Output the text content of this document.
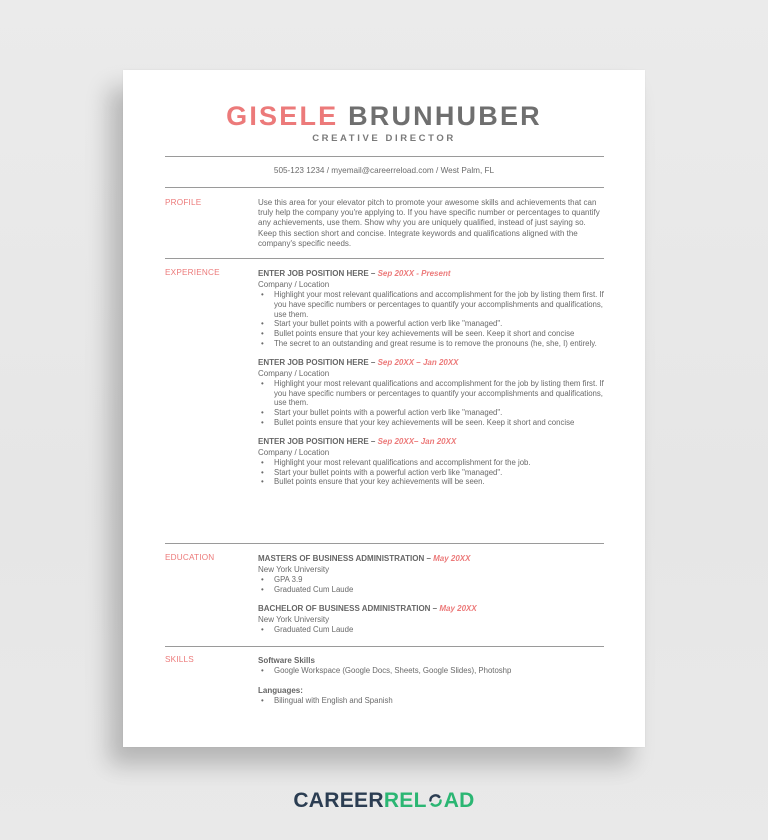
GISELE BRUNHUBER
CREATIVE DIRECTOR
505-123 1234 / myemail@careerreload.com / West Palm, FL
PROFILE	Use this area for your elevator pitch to promote your awesome skills and achievements that can truly help the company you're applying to. If you have specific number or percentages to quantify any achievements, use them. Show why you are uniquely qualified, instead of just saying so. Keep this section short and concise. Integrate keywords and qualifications aligned with the company's specific needs.
EXPERIENCE	ENTER JOB POSITION HERE – Sep 20XX - Present
Company / Location
• Highlight your most relevant qualifications and accomplishment for the job by listing them first. If you have specific numbers or percentages to quantify your accomplishments and qualifications, use them.
• Start your bullet points with a powerful action verb like "managed".
• Bullet points ensure that your key achievements will be seen. Keep it short and concise
• The secret to an outstanding and great resume is to remove the pronouns (he, she, I) entirely.
ENTER JOB POSITION HERE – Sep 20XX – Jan 20XX
Company / Location
• Highlight your most relevant qualifications and accomplishment for the job by listing them first. If you have specific numbers or percentages to quantify your accomplishments and qualifications, use them.
• Start your bullet points with a powerful action verb like "managed".
• Bullet points ensure that your key achievements will be seen. Keep it short and concise
ENTER JOB POSITION HERE – Sep 20XX– Jan 20XX
Company / Location
• Highlight your most relevant qualifications and accomplishment for the job.
• Start your bullet points with a powerful action verb like "managed".
• Bullet points ensure that your key achievements will be seen.
EDUCATION	MASTERS OF BUSINESS ADMINISTRATION – May 20XX
New York University
• GPA 3.9
• Graduated Cum Laude
BACHELOR OF BUSINESS ADMINISTRATION – May 20XX
New York University
• Graduated Cum Laude
SKILLS	Software Skills
• Google Workspace (Google Docs, Sheets, Google Slides), Photoshp
Languages:
• Bilingual with English and Spanish
CAREERREL AD
